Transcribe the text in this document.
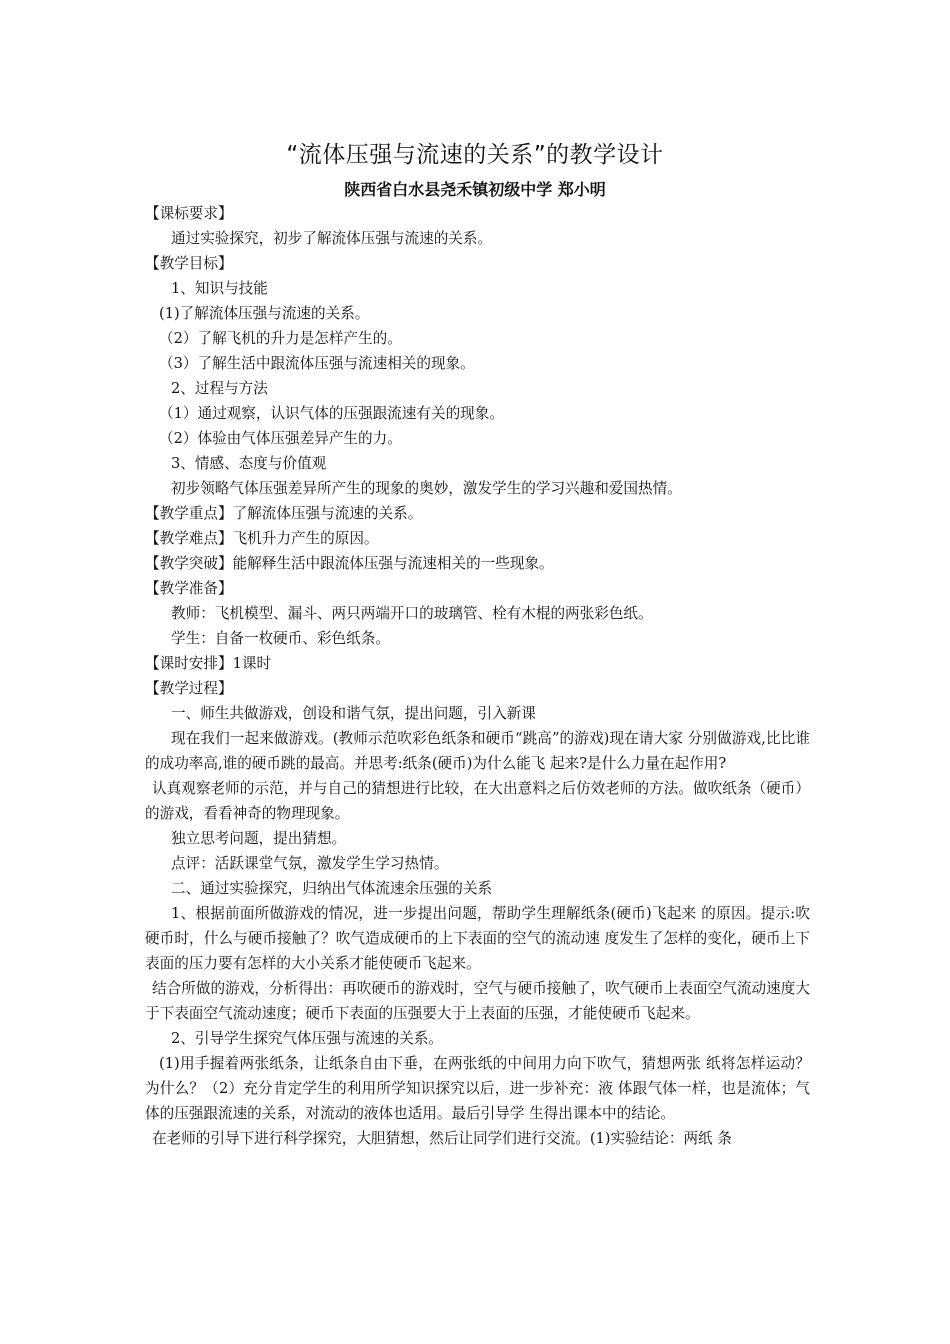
“流体压强与流速的关系”的教学设计
陕西省白水县尧禾镇初级中学 郑小明

【课标要求】

通过实验探究，初步了解流体压强与流速的关系。

【教学目标】

1、知识与技能

(1)了解流体压强与流速的关系。

（2）了解飞机的升力是怎样产生的。

（3）了解生活中跟流体压强与流速相关的现象。

2、过程与方法

（1）通过观察，认识气体的压强跟流速有关的现象。

（2）体验由气体压强差异产生的力。

3、情感、态度与价值观

初步领略气体压强差异所产生的现象的奥妙，激发学生的学习兴趣和爱国热情。

【教学重点】了解流体压强与流速的关系。

【教学难点】飞机升力产生的原因。

【教学突破】能解释生活中跟流体压强与流速相关的一些现象。

【教学准备】

教师：飞机模型、漏斗、两只两端开口的玻璃管、栓有木棍的两张彩色纸。

学生：自备一枚硬币、彩色纸条。

【课时安排】1课时

【教学过程】

一、师生共做游戏，创设和谐气氛，提出问题，引入新课

现在我们一起来做游戏。(教师示范吹彩色纸条和硬币“跳高”的游戏)现在请大家 分别做游戏,比比谁的成功率高,谁的硬币跳的最高。并思考:纸条(硬币)为什么能飞 起来?是什么力量在起作用?

认真观察老师的示范，并与自己的猜想进行比较，在大出意料之后仿效老师的方法。做吹纸条（硬币）的游戏，看看神奇的物理现象。

独立思考问题，提出猜想。

点评：活跃课堂气氛，激发学生学习热情。

二、通过实验探究，归纳出气体流速余压强的关系

1、根据前面所做游戏的情况，进一步提出问题，帮助学生理解纸条(硬币)飞起来 的原因。提示:吹硬币时，什么与硬币接触了？吹气造成硬币的上下表面的空气的流动速 度发生了怎样的变化，硬币上下表面的压力要有怎样的大小关系才能使硬币飞起来。

结合所做的游戏，分析得出：再吹硬币的游戏时，空气与硬币接触了，吹气硬币上表面空气流动速度大于下表面空气流动速度；硬币下表面的压强要大于上表面的压强，才能使硬币飞起来。

2、引导学生探究气体压强与流速的关系。

(1)用手握着两张纸条，让纸条自由下垂，在两张纸的中间用力向下吹气，猜想两张 纸将怎样运动？为什么？（2）充分肯定学生的利用所学知识探究以后，进一步补充：液 体跟气体一样，也是流体；气体的压强跟流速的关系，对流动的液体也适用。最后引导学 生得出课本中的结论。

在老师的引导下进行科学探究，大胆猜想，然后让同学们进行交流。(1)实验结论：两纸 条
